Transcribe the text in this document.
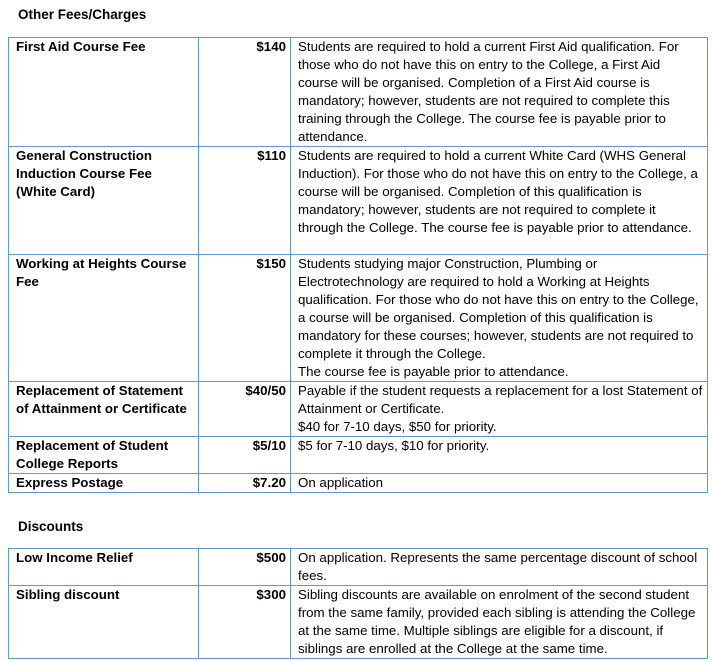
Other Fees/Charges
First Aid Course Fee	$140	Students are required to hold a current First Aid qualification. For those who do not have this on entry to the College, a First Aid course will be organised. Completion of a First Aid course is mandatory; however, students are not required to complete this training through the College. The course fee is payable prior to attendance.

General Construction Induction Course Fee (White Card)	$110	Students are required to hold a current White Card (WHS General Induction). For those who do not have this on entry to the College, a course will be organised. Completion of this qualification is mandatory; however, students are not required to complete it through the College. The course fee is payable prior to attendance.

Working at Heights Course Fee	$150	Students studying major Construction, Plumbing or Electrotechnology are required to hold a Working at Heights qualification. For those who do not have this on entry to the College, a course will be organised. Completion of this qualification is mandatory for these courses; however, students are not required to complete it through the College.
The course fee is payable prior to attendance.

Replacement of Statement of Attainment or Certificate	$40/50	Payable if the student requests a replacement for a lost Statement of Attainment or Certificate.
$40 for 7-10 days, $50 for priority.

Replacement of Student College Reports	$5/10	$5 for 7-10 days, $10 for priority.

Express Postage	$7.20	On application
Discounts
Low Income Relief	$500	On application. Represents the same percentage discount of school fees.

Sibling discount	$300	Sibling discounts are available on enrolment of the second student from the same family, provided each sibling is attending the College at the same time. Multiple siblings are eligible for a discount, if siblings are enrolled at the College at the same time.
